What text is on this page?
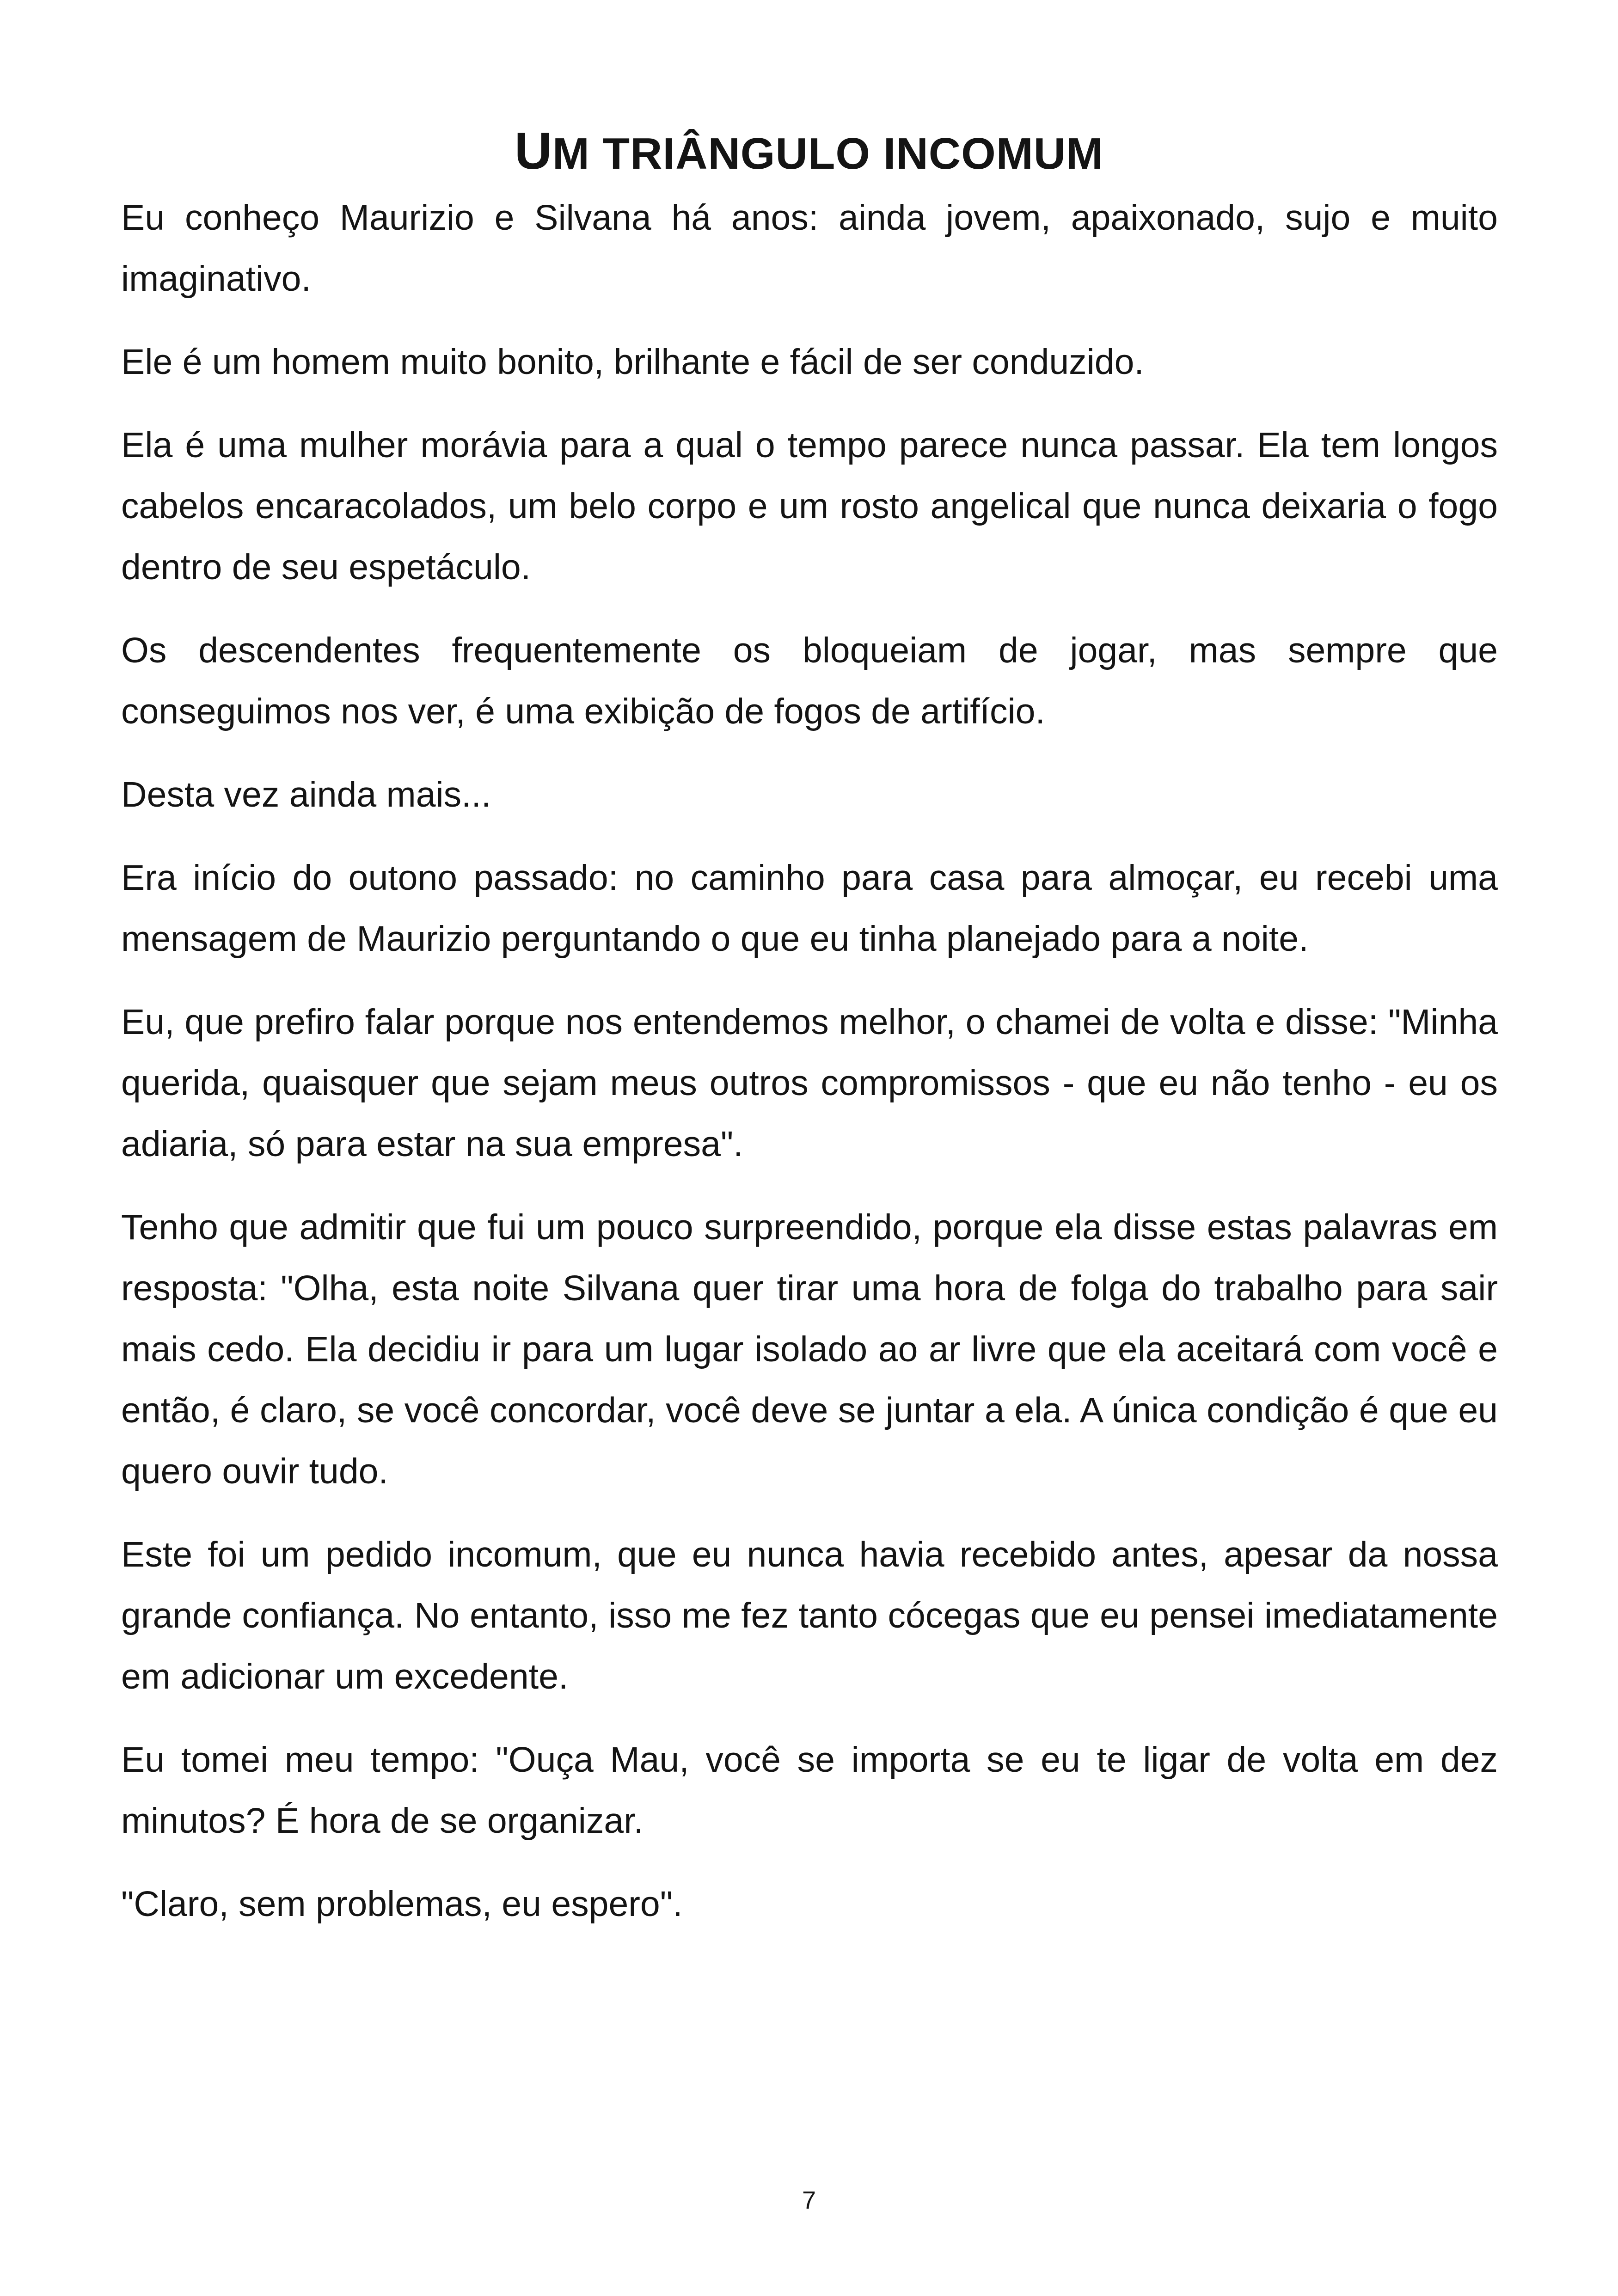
UM TRIÂNGULO INCOMUM

Eu conheço Maurizio e Silvana há anos: ainda jovem, apaixonado, sujo e muito imaginativo.

Ele é um homem muito bonito, brilhante e fácil de ser conduzido.

Ela é uma mulher morávia para a qual o tempo parece nunca passar. Ela tem longos cabelos encaracolados, um belo corpo e um rosto angelical que nunca deixaria o fogo dentro de seu espetáculo.

Os descendentes frequentemente os bloqueiam de jogar, mas sempre que conseguimos nos ver, é uma exibição de fogos de artifício.

Desta vez ainda mais...

Era início do outono passado: no caminho para casa para almoçar, eu recebi uma mensagem de Maurizio perguntando o que eu tinha planejado para a noite.

Eu, que prefiro falar porque nos entendemos melhor, o chamei de volta e disse: "Minha querida, quaisquer que sejam meus outros compromissos - que eu não tenho - eu os adiaria, só para estar na sua empresa".

Tenho que admitir que fui um pouco surpreendido, porque ela disse estas palavras em resposta: "Olha, esta noite Silvana quer tirar uma hora de folga do trabalho para sair mais cedo. Ela decidiu ir para um lugar isolado ao ar livre que ela aceitará com você e então, é claro, se você concordar, você deve se juntar a ela. A única condição é que eu quero ouvir tudo.

Este foi um pedido incomum, que eu nunca havia recebido antes, apesar da nossa grande confiança. No entanto, isso me fez tanto cócegas que eu pensei imediatamente em adicionar um excedente.

Eu tomei meu tempo: "Ouça Mau, você se importa se eu te ligar de volta em dez minutos? É hora de se organizar.

"Claro, sem problemas, eu espero".

7
